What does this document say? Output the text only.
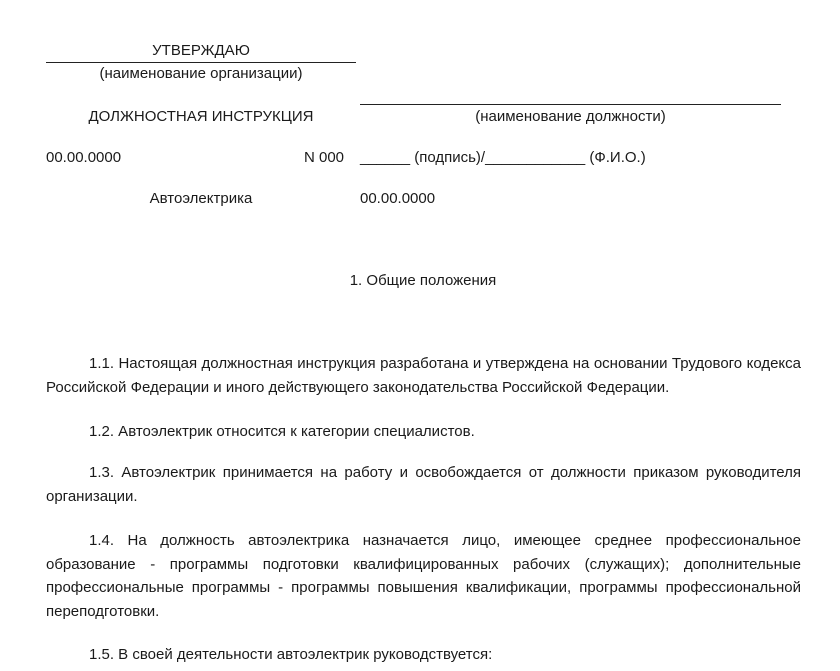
УТВЕРЖДАЮ
(наименование организации)
ДОЛЖНОСТНАЯ ИНСТРУКЦИЯ	(наименование должности)
00.00.0000	N 000 ______ (подпись)/____________ (Ф.И.О.)
Автоэлектрика	00.00.0000
1. Общие положения
1.1. Настоящая должностная инструкция разработана и утверждена на основании Трудового кодекса Российской Федерации и иного действующего законодательства Российской Федерации.
1.2. Автоэлектрик относится к категории специалистов.
1.3. Автоэлектрик принимается на работу и освобождается от должности приказом руководителя организации.
1.4. На должность автоэлектрика назначается лицо, имеющее среднее профессиональное образование - программы подготовки квалифицированных рабочих (служащих); дополнительные профессиональные программы - программы повышения квалификации, программы профессиональной переподготовки.
1.5. В своей деятельности автоэлектрик руководствуется:
